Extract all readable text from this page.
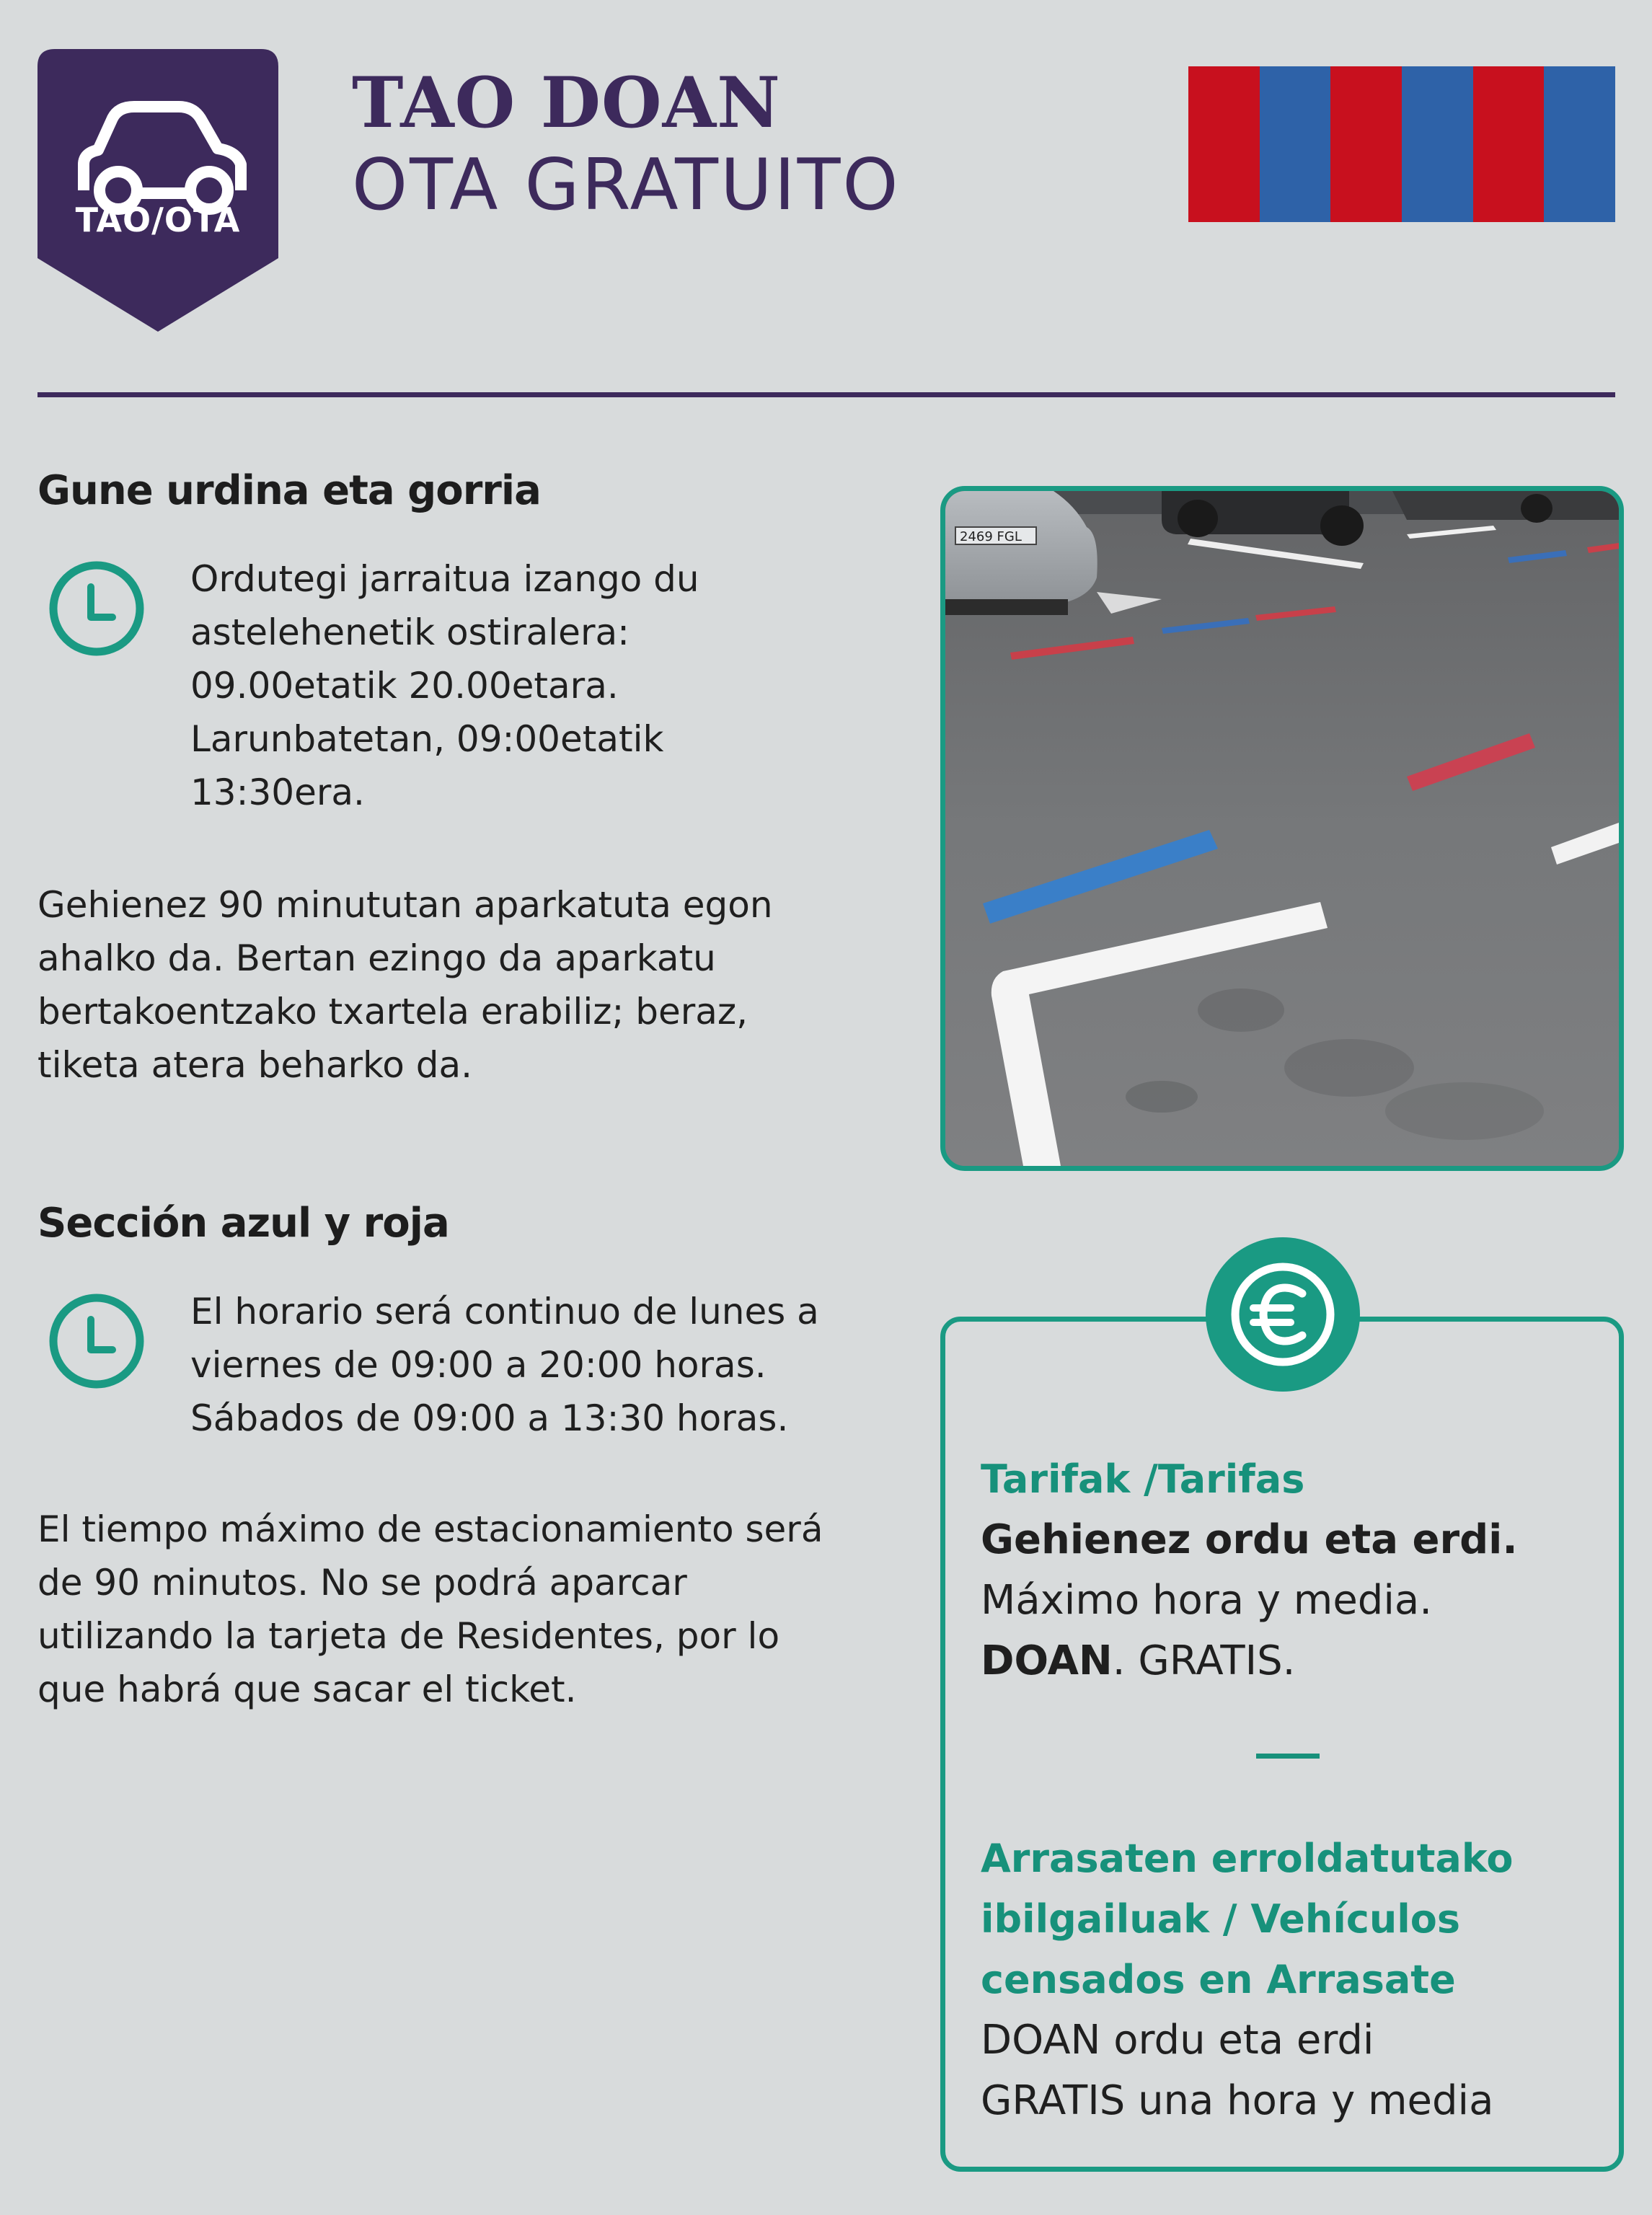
TAO/OTA
TAO DOAN
OTA GRATUITO
Gune urdina eta gorria
Ordutegi jarraitua izango du
astelehenetik ostiralera:
09.00etatik 20.00etara.
Larunbatetan, 09:00etatik
13:30era.
Gehienez 90 minututan aparkatuta egon
ahalko da. Bertan ezingo da aparkatu
bertakoentzako txartela erabiliz; beraz,
tiketa atera beharko da.
2469 FGL
Sección azul y roja
El horario será continuo de lunes a
viernes de 09:00 a 20:00 horas.
Sábados de 09:00 a 13:30 horas.
El tiempo máximo de estacionamiento será
de 90 minutos. No se podrá aparcar
utilizando la tarjeta de Residentes, por lo
que habrá que sacar el ticket.
Tarifak /Tarifas
Gehienez ordu eta erdi.
Máximo hora y media.
DOAN. GRATIS.
Arrasaten erroldatutako
ibilgailuak / Vehículos
censados en Arrasate
DOAN ordu eta erdi
GRATIS una hora y media
